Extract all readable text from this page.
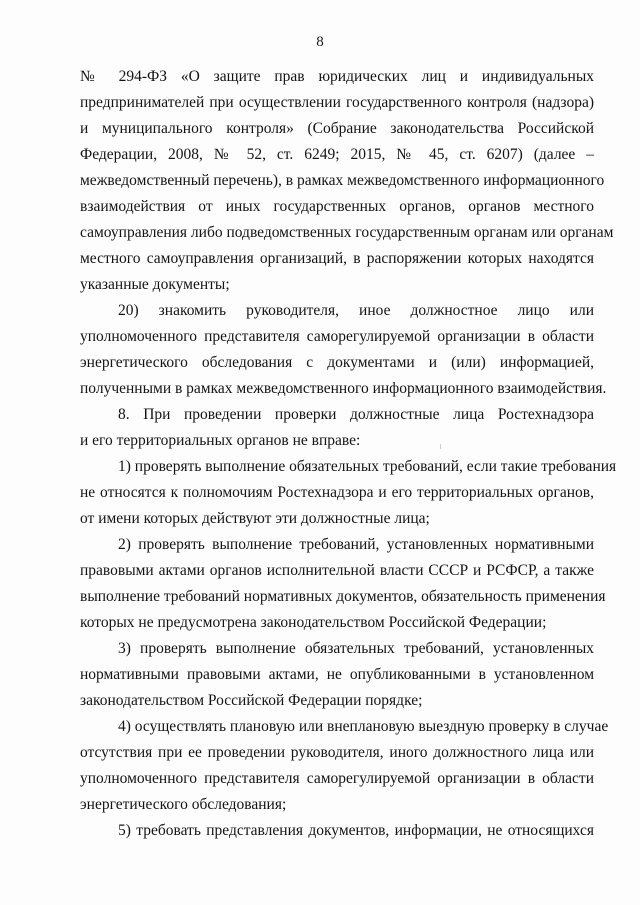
8
№ 294-ФЗ «О защите прав юридических лиц и индивидуальных
предпринимателей при осуществлении государственного контроля (надзора)
и муниципального контроля» (Собрание законодательства Российской
Федерации, 2008, № 52, ст. 6249; 2015, № 45, ст. 6207) (далее –
межведомственный перечень), в рамках межведомственного информационного
взаимодействия от иных государственных органов, органов местного
самоуправления либо подведомственных государственным органам или органам
местного самоуправления организаций, в распоряжении которых находятся
указанные документы;
20) знакомить руководителя, иное должностное лицо или
уполномоченного представителя саморегулируемой организации в области
энергетического обследования с документами и (или) информацией,
полученными в рамках межведомственного информационного взаимодействия.
8. При проведении проверки должностные лица Ростехнадзора
и его территориальных органов не вправе:
1) проверять выполнение обязательных требований, если такие требования
не относятся к полномочиям Ростехнадзора и его территориальных органов,
от имени которых действуют эти должностные лица;
2) проверять выполнение требований, установленных нормативными
правовыми актами органов исполнительной власти СССР и РСФСР, а также
выполнение требований нормативных документов, обязательность применения
которых не предусмотрена законодательством Российской Федерации;
3) проверять выполнение обязательных требований, установленных
нормативными правовыми актами, не опубликованными в установленном
законодательством Российской Федерации порядке;
4) осуществлять плановую или внеплановую выездную проверку в случае
отсутствия при ее проведении руководителя, иного должностного лица или
уполномоченного представителя саморегулируемой организации в области
энергетического обследования;
5) требовать представления документов, информации, не относящихся
